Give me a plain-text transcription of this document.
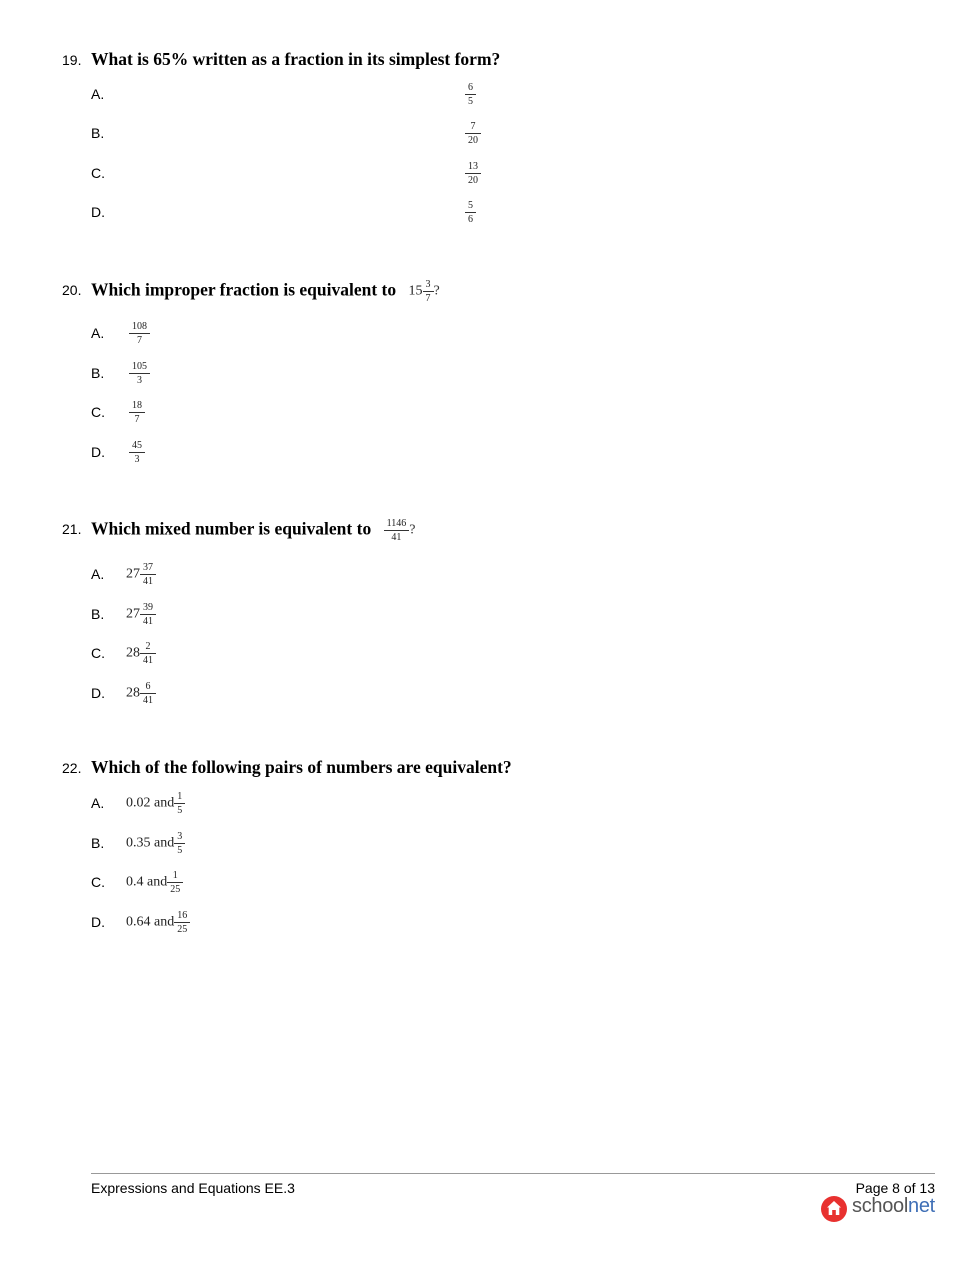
19. What is 65% written as a fraction in its simplest form?
A.	$\frac{6}{5}$
B.	$\frac{7}{20}$
C.	$\frac{13}{20}$
D.	$\frac{5}{6}$
20. Which improper fraction is equivalent to $15 \frac{3}{7}$ ?
A. $\frac{108}{7}$
B. $\frac{105}{3}$
C. $\frac{18}{7}$
D. $\frac{45}{3}$
21. Which mixed number is equivalent to $\frac{1146}{41}$ ?
A. $27 \frac{37}{41}$
B. $27 \frac{39}{41}$
C. $28 \frac{2}{41}$
D. $28 \frac{6}{41}$
22. Which of the following pairs of numbers are equivalent?
A. 0.02 and $\frac{1}{5}$
B. 0.35 and $\frac{3}{5}$
C. 0.4 and $\frac{1}{25}$
D. 0.64 and $\frac{16}{25}$
Expressions and Equations EE.3	Page 8 of 13
schoolnet
